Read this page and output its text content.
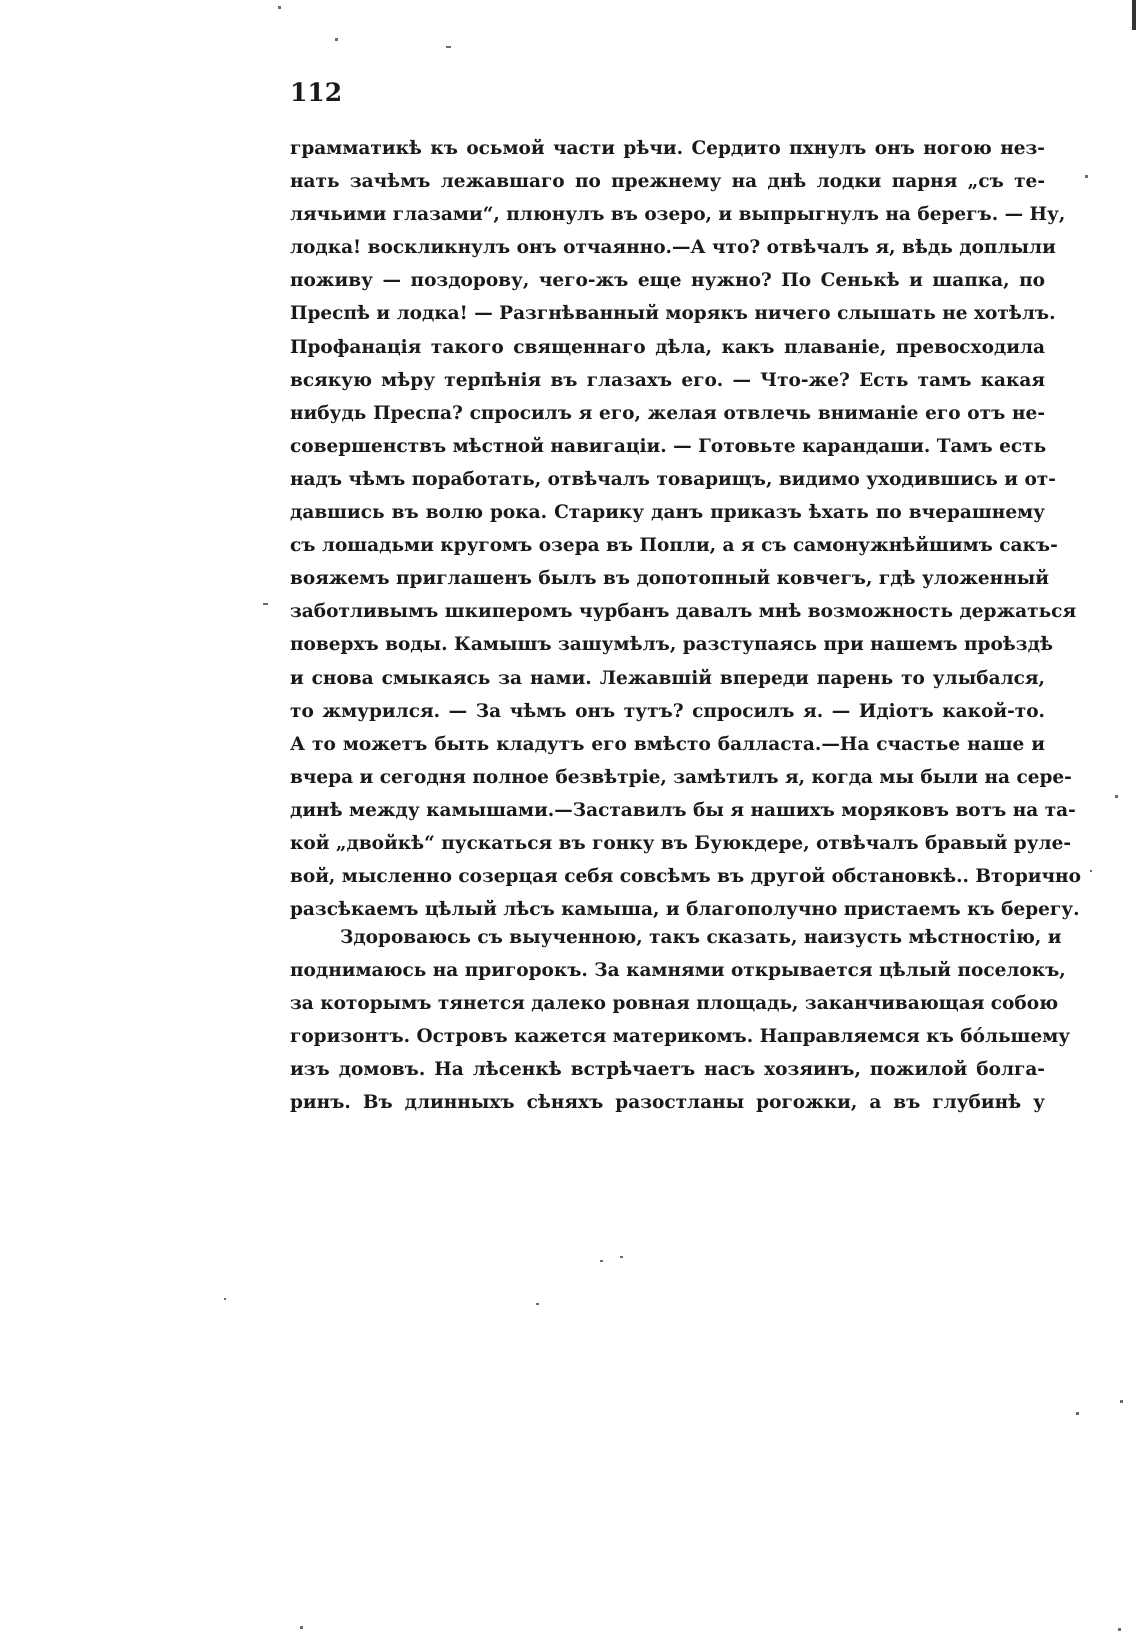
112
грамматикѣ къ осьмой части рѣчи. Сердито пхнулъ онъ ногою нез-
нать зачѣмъ лежавшаго по прежнему на днѣ лодки парня „съ те-
лячьими глазами“, плюнулъ въ озеро, и выпрыгнулъ на берегъ. — Ну,
лодка! воскликнулъ онъ отчаянно.—А что? отвѣчалъ я, вѣдь доплыли
поживу — поздорову, чего-жъ еще нужно? По Сенькѣ и шапка, по
Преспѣ и лодка! — Разгнѣванный морякъ ничего слышать не хотѣлъ.
Профанація такого священнаго дѣла, какъ плаваніе, превосходила
всякую мѣру терпѣнія въ глазахъ его. — Что-же? Есть тамъ какая
нибудь Преспа? спросилъ я его, желая отвлечь вниманіе его отъ не-
совершенствъ мѣстной навигаціи. — Готовьте карандаши. Тамъ есть
надъ чѣмъ поработать, отвѣчалъ товарищъ, видимо уходившись и от-
давшись въ волю рока. Старику данъ приказъ ѣхать по вчерашнему
съ лошадьми кругомъ озера въ Попли, а я съ самонужнѣйшимъ сакъ-
вояжемъ приглашенъ былъ въ допотопный ковчегъ, гдѣ уложенный
заботливымъ шкиперомъ чурбанъ давалъ мнѣ возможность держаться
поверхъ воды. Камышъ зашумѣлъ, разступаясь при нашемъ проѣздѣ
и снова смыкаясь за нами. Лежавшій впереди парень то улыбался,
то жмурился. — За чѣмъ онъ тутъ? спросилъ я. — Идіотъ какой-то.
А то можетъ быть кладутъ его вмѣсто балласта.—На счастье наше и
вчера и сегодня полное безвѣтріе, замѣтилъ я, когда мы были на сере-
динѣ между камышами.—Заставилъ бы я нашихъ моряковъ вотъ на та-
кой „двойкѣ“ пускаться въ гонку въ Буюкдере, отвѣчалъ бравый руле-
вой, мысленно созерцая себя совсѣмъ въ другой обстановкѣ.. Вторично
разсѣкаемъ цѣлый лѣсъ камыша, и благополучно пристаемъ къ берегу.
Здороваюсь съ выученною, такъ сказать, наизусть мѣстностію, и
поднимаюсь на пригорокъ. За камнями открывается цѣлый поселокъ,
за которымъ тянется далеко ровная площадь, заканчивающая собою
горизонтъ. Островъ кажется материкомъ. Направляемся къ бо́льшему
изъ домовъ. На лѣсенкѣ встрѣчаетъ насъ хозяинъ, пожилой болга-
ринъ. Въ длинныхъ сѣняхъ разостланы рогожки, а въ глубинѣ у
